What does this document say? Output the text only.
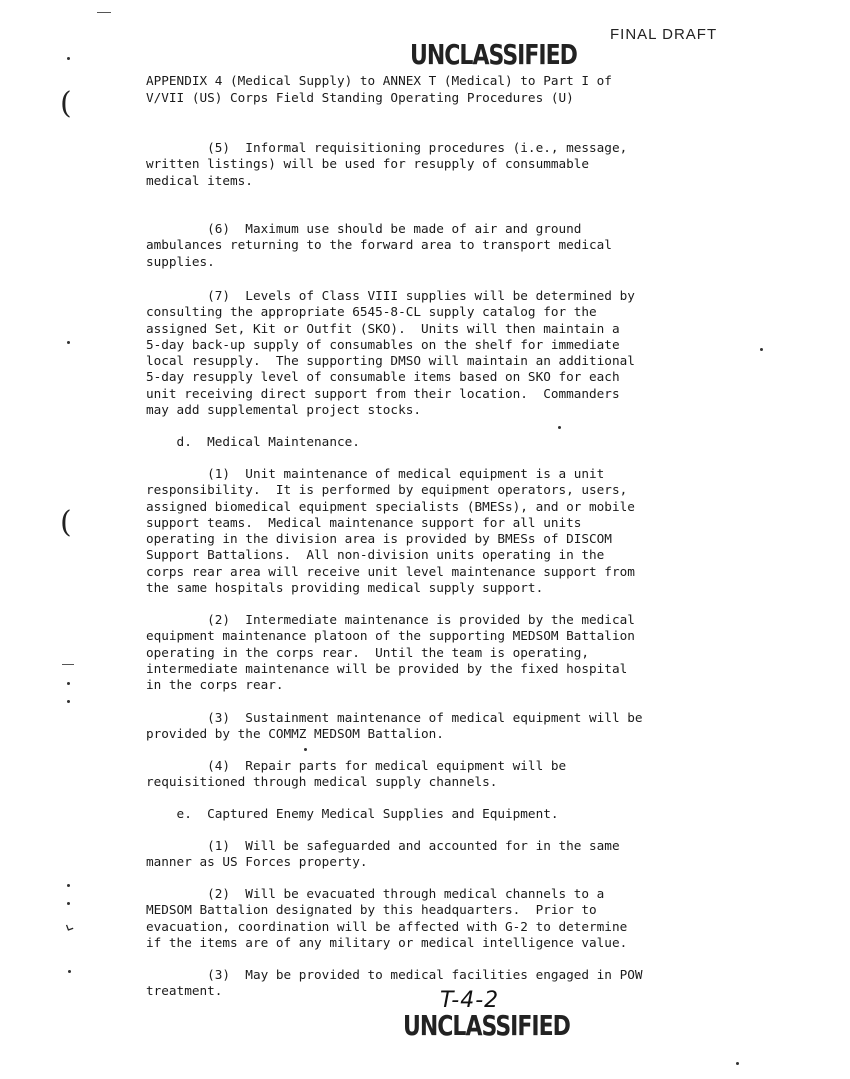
FINAL DRAFT
UNCLASSIFIED
APPENDIX 4 (Medical Supply) to ANNEX T (Medical) to Part I of
V/VII (US) Corps Field Standing Operating Procedures (U)
(5)  Informal requisitioning procedures (i.e., message,
written listings) will be used for resupply of consummable
medical items.
(6)  Maximum use should be made of air and ground
ambulances returning to the forward area to transport medical
supplies.
(7)  Levels of Class VIII supplies will be determined by
consulting the appropriate 6545-8-CL supply catalog for the
assigned Set, Kit or Outfit (SKO).  Units will then maintain a
5-day back-up supply of consumables on the shelf for immediate
local resupply.  The supporting DMSO will maintain an additional
5-day resupply level of consumable items based on SKO for each
unit receiving direct support from their location.  Commanders
may add supplemental project stocks.
d.  Medical Maintenance.
(1)  Unit maintenance of medical equipment is a unit
responsibility.  It is performed by equipment operators, users,
assigned biomedical equipment specialists (BMESs), and or mobile
support teams.  Medical maintenance support for all units
operating in the division area is provided by BMESs of DISCOM
Support Battalions.  All non-division units operating in the
corps rear area will receive unit level maintenance support from
the same hospitals providing medical supply support.
(2)  Intermediate maintenance is provided by the medical
equipment maintenance platoon of the supporting MEDSOM Battalion
operating in the corps rear.  Until the team is operating,
intermediate maintenance will be provided by the fixed hospital
in the corps rear.
(3)  Sustainment maintenance of medical equipment will be
provided by the COMMZ MEDSOM Battalion.
(4)  Repair parts for medical equipment will be
requisitioned through medical supply channels.
e.  Captured Enemy Medical Supplies and Equipment.
(1)  Will be safeguarded and accounted for in the same
manner as US Forces property.
(2)  Will be evacuated through medical channels to a
MEDSOM Battalion designated by this headquarters.  Prior to
evacuation, coordination will be affected with G-2 to determine
if the items are of any military or medical intelligence value.
(3)  May be provided to medical facilities engaged in POW
treatment.	T-4-2
UNCLASSIFIED
(
(
⌞
